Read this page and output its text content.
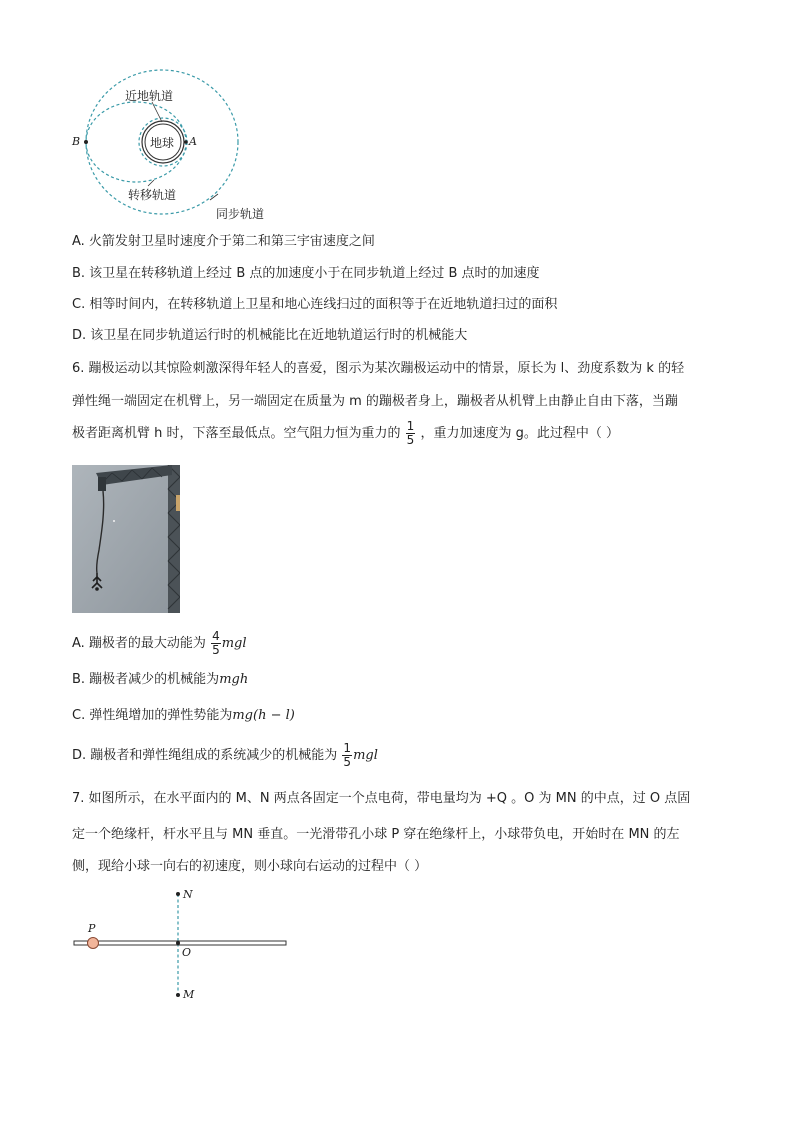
近地轨道
地球 A
B
转移轨道
同步轨道
A. 火箭发射卫星时速度介于第二和第三宇宙速度之间
B. 该卫星在转移轨道上经过 B 点的加速度小于在同步轨道上经过 B 点时的加速度
C. 相等时间内，在转移轨道上卫星和地心连线扫过的面积等于在近地轨道扫过的面积
D. 该卫星在同步轨道运行时的机械能比在近地轨道运行时的机械能大
6. 蹦极运动以其惊险刺激深得年轻人的喜爱，图示为某次蹦极运动中的情景，原长为 l、劲度系数为 k 的轻
弹性绳一端固定在机臂上，另一端固定在质量为 m 的蹦极者身上，蹦极者从机臂上由静止自由下落，当蹦
极者距离机臂 h 时，下落至最低点。空气阻力恒为重力的 $\frac{1}{5}$ ，重力加速度为 g。此过程中（ ）
A. 蹦极者的最大动能为 $\frac{4}{5}$ mgl
B. 蹦极者减少的机械能为mgh
C. 弹性绳增加的弹性势能为mg(h − l)
D. 蹦极者和弹性绳组成的系统减少的机械能为 $\frac{1}{5}$ mgl
7. 如图所示，在水平面内的 M、N 两点各固定一个点电荷，带电量均为 +Q 。O 为 MN 的中点，过 O 点固
定一个绝缘杆，杆水平且与 MN 垂直。一光滑带孔小球 P 穿在绝缘杆上，小球带负电，开始时在 MN 的左
侧，现给小球一向右的初速度，则小球向右运动的过程中（ ）
N
O
M
P
